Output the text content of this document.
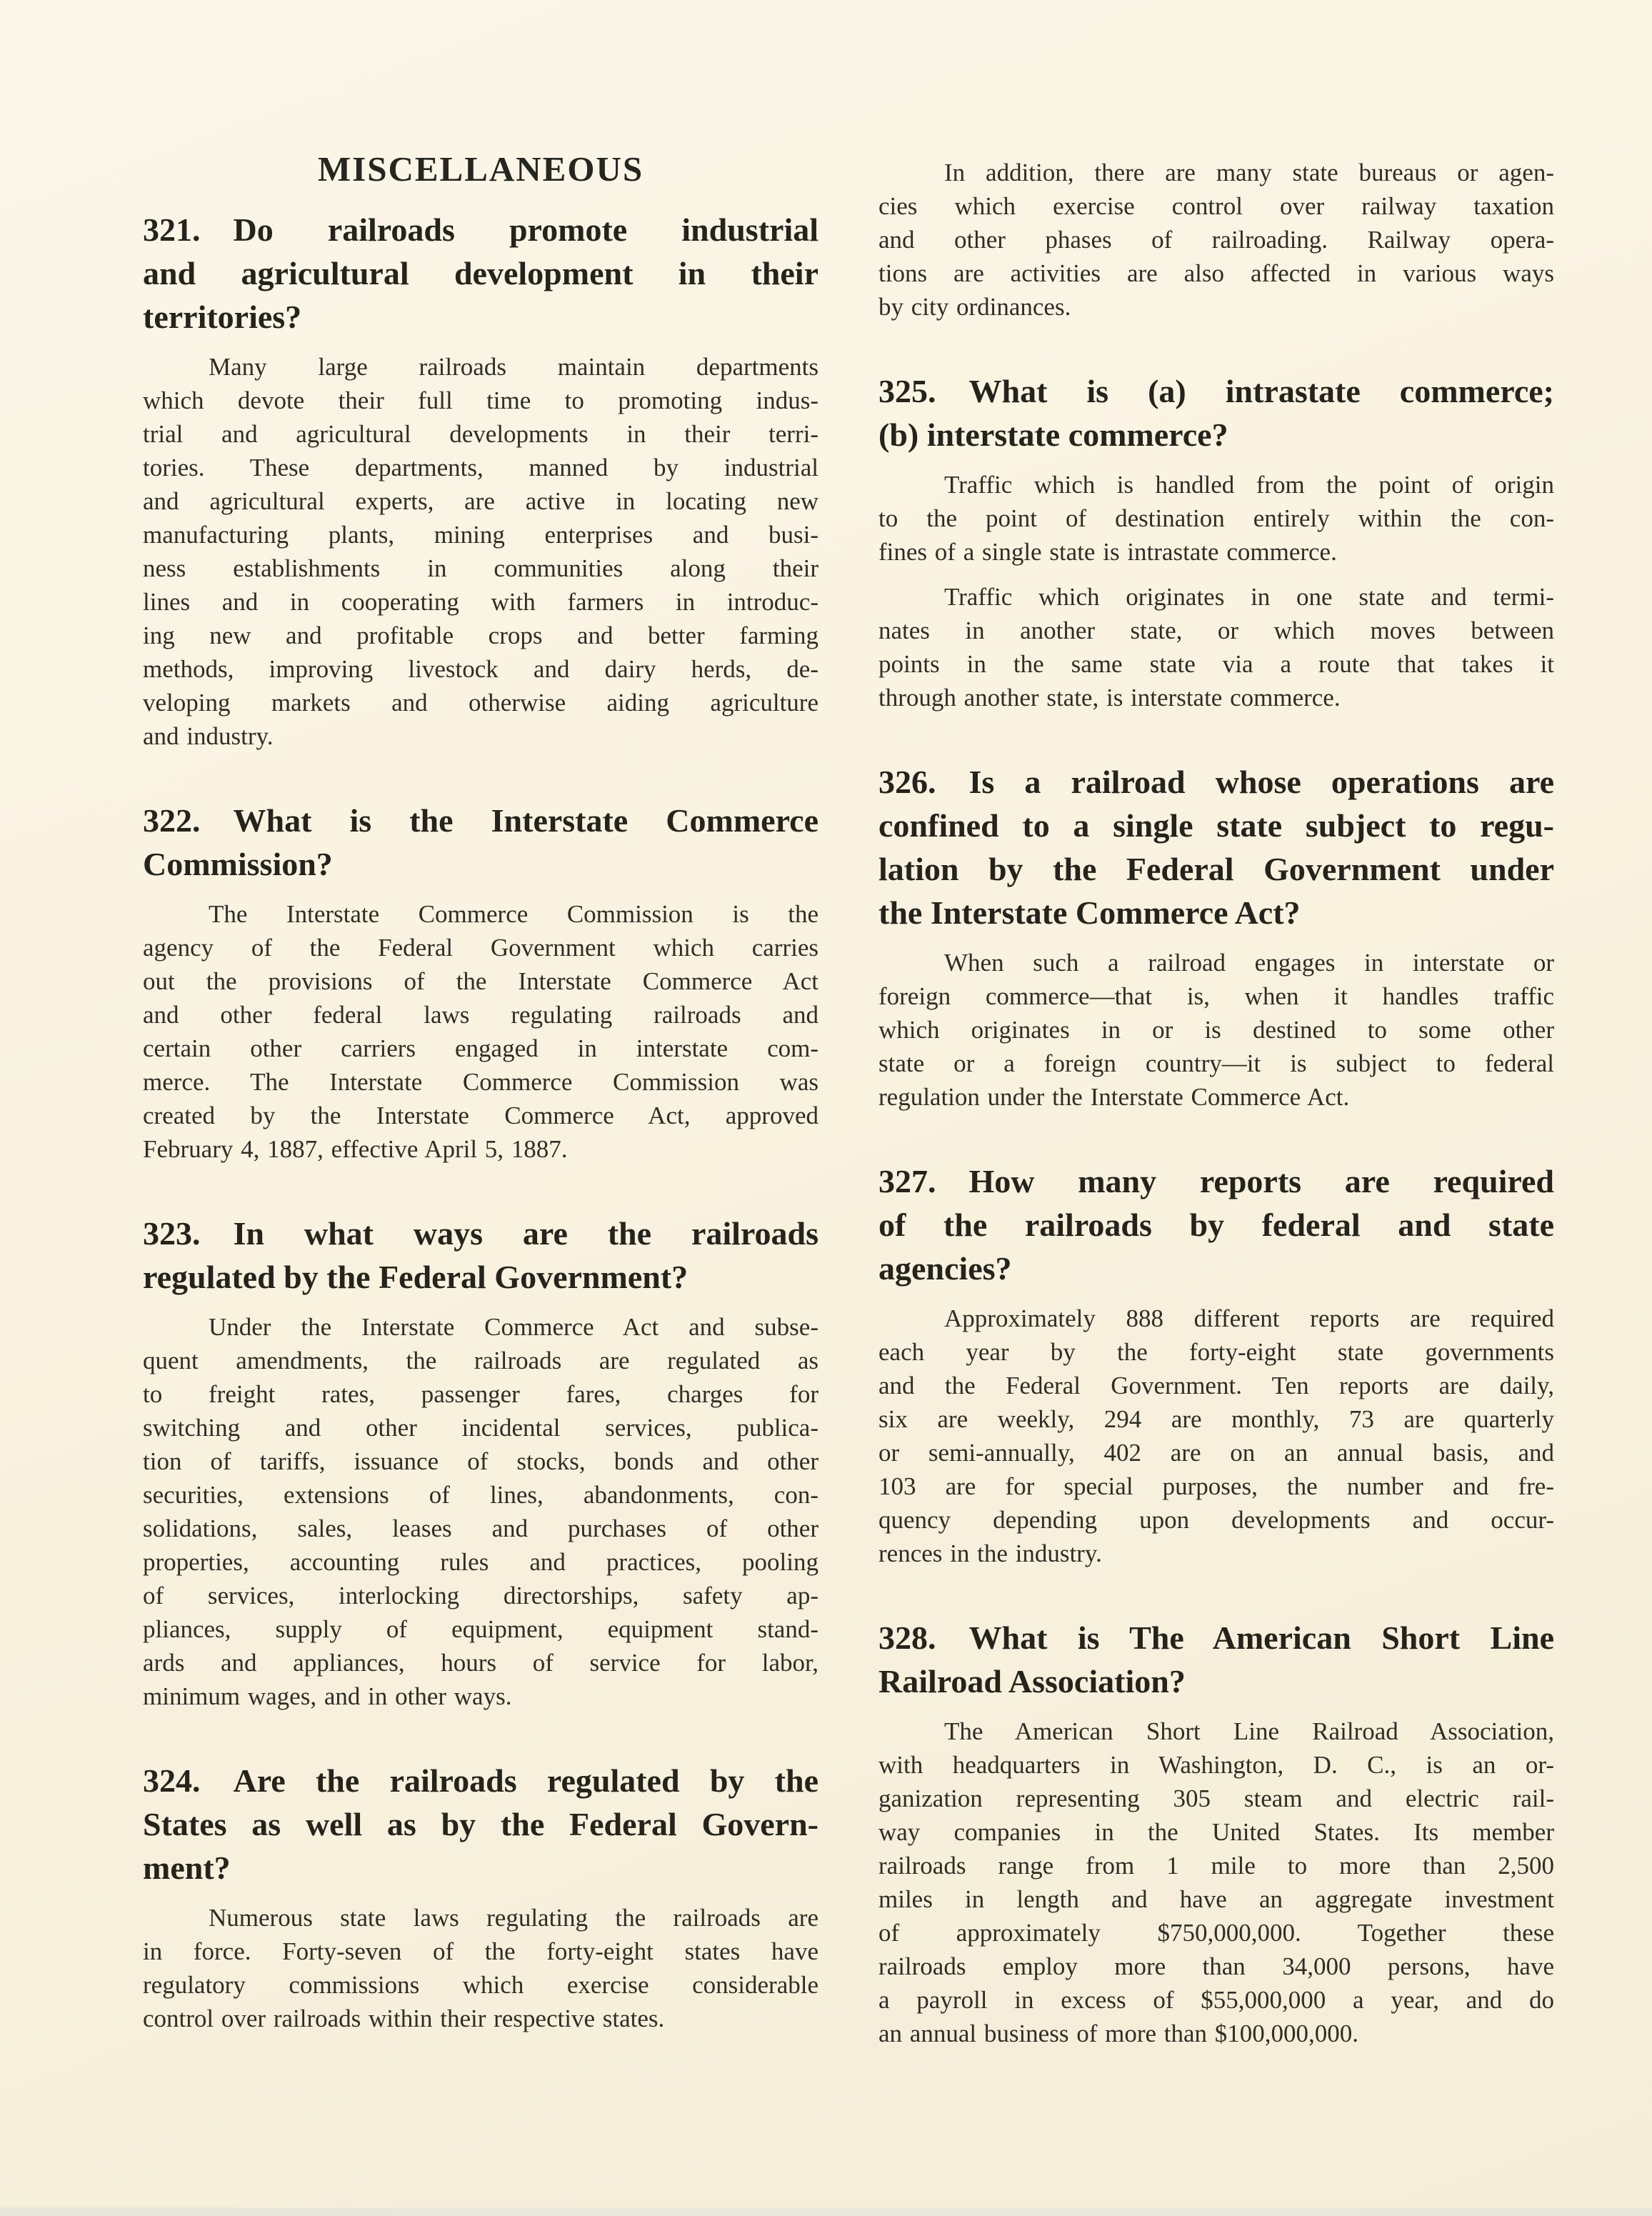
MISCELLANEOUS
321. Do railroads promote industrial
and agricultural development in their
territories?
Many large railroads maintain departments
which devote their full time to promoting indus-
trial and agricultural developments in their terri-
tories. These departments, manned by industrial
and agricultural experts, are active in locating new
manufacturing plants, mining enterprises and busi-
ness establishments in communities along their
lines and in cooperating with farmers in introduc-
ing new and profitable crops and better farming
methods, improving livestock and dairy herds, de-
veloping markets and otherwise aiding agriculture
and industry.
322. What is the Interstate Commerce
Commission?
The Interstate Commerce Commission is the
agency of the Federal Government which carries
out the provisions of the Interstate Commerce Act
and other federal laws regulating railroads and
certain other carriers engaged in interstate com-
merce. The Interstate Commerce Commission was
created by the Interstate Commerce Act, approved
February 4, 1887, effective April 5, 1887.
323. In what ways are the railroads
regulated by the Federal Government?
Under the Interstate Commerce Act and subse-
quent amendments, the railroads are regulated as
to freight rates, passenger fares, charges for
switching and other incidental services, publica-
tion of tariffs, issuance of stocks, bonds and other
securities, extensions of lines, abandonments, con-
solidations, sales, leases and purchases of other
properties, accounting rules and practices, pooling
of services, interlocking directorships, safety ap-
pliances, supply of equipment, equipment stand-
ards and appliances, hours of service for labor,
minimum wages, and in other ways.
324. Are the railroads regulated by the
States as well as by the Federal Govern-
ment?
Numerous state laws regulating the railroads are
in force. Forty-seven of the forty-eight states have
regulatory commissions which exercise considerable
control over railroads within their respective states.
In addition, there are many state bureaus or agen-
cies which exercise control over railway taxation
and other phases of railroading. Railway opera-
tions are activities are also affected in various ways
by city ordinances.
325. What is (a) intrastate commerce;
(b) interstate commerce?
Traffic which is handled from the point of origin
to the point of destination entirely within the con-
fines of a single state is intrastate commerce.
Traffic which originates in one state and termi-
nates in another state, or which moves between
points in the same state via a route that takes it
through another state, is interstate commerce.
326. Is a railroad whose operations are
confined to a single state subject to regu-
lation by the Federal Government under
the Interstate Commerce Act?
When such a railroad engages in interstate or
foreign commerce—that is, when it handles traffic
which originates in or is destined to some other
state or a foreign country—it is subject to federal
regulation under the Interstate Commerce Act.
327. How many reports are required
of the railroads by federal and state
agencies?
Approximately 888 different reports are required
each year by the forty-eight state governments
and the Federal Government. Ten reports are daily,
six are weekly, 294 are monthly, 73 are quarterly
or semi-annually, 402 are on an annual basis, and
103 are for special purposes, the number and fre-
quency depending upon developments and occur-
rences in the industry.
328. What is The American Short Line
Railroad Association?
The American Short Line Railroad Association,
with headquarters in Washington, D. C., is an or-
ganization representing 305 steam and electric rail-
way companies in the United States. Its member
railroads range from 1 mile to more than 2,500
miles in length and have an aggregate investment
of approximately $750,000,000. Together these
railroads employ more than 34,000 persons, have
a payroll in excess of $55,000,000 a year, and do
an annual business of more than $100,000,000.
